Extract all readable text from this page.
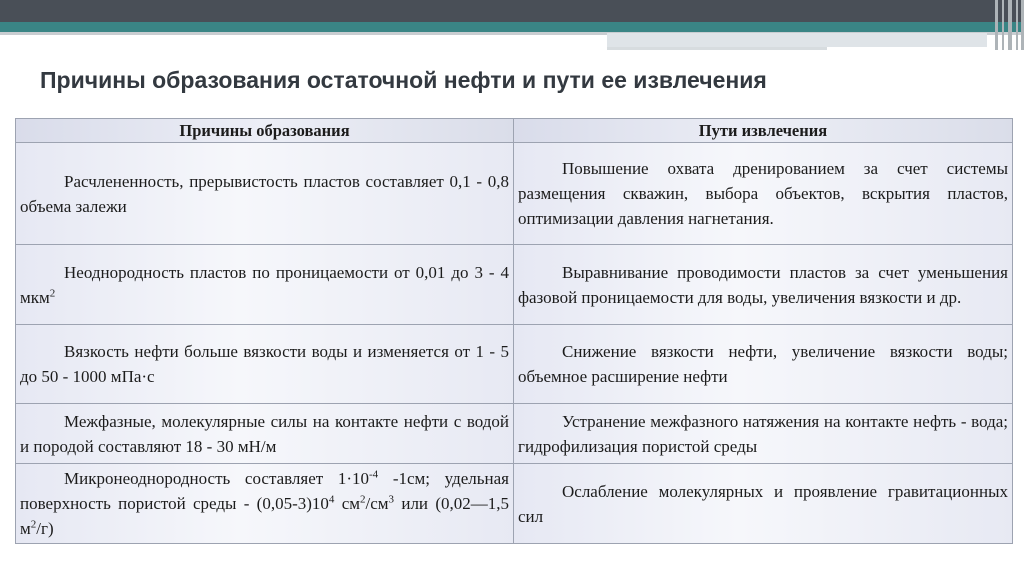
Причины образования остаточной нефти и пути ее извлечения
Причины образования	Пути извлечения
Расчлененность, прерывистость пластов составляет 0,1 - 0,8 объема залежи	Повышение охвата дренированием за счет системы размещения скважин, выбора объектов, вскрытия пластов, оптимизации давления нагнетания.
Неоднородность пластов по проницаемости от 0,01 до 3 - 4 мкм$^2$	Выравнивание проводимости пластов за счет уменьшения фазовой проницаемости для воды, увеличения вязкости и др.
Вязкость нефти больше вязкости воды и изменяется от 1 - 5 до 50 - 1000 мПа·с	Снижение вязкости нефти, увеличение вязкости воды; объемное расширение нефти
Межфазные, молекулярные силы на контакте нефти с водой и породой составляют 18 - 30 мН/м	Устранение межфазного натяжения на контакте нефть - вода; гидрофилизация пористой среды
Микронеоднородность составляет $1\cdot 10^{-4}$ -1см; удельная поверхность пористой среды - $(0,05-3)10^4$ $см^2/см^3$ или (0,02—1,5 $м^2/г$)	Ослабление молекулярных и проявление гравитационных сил
